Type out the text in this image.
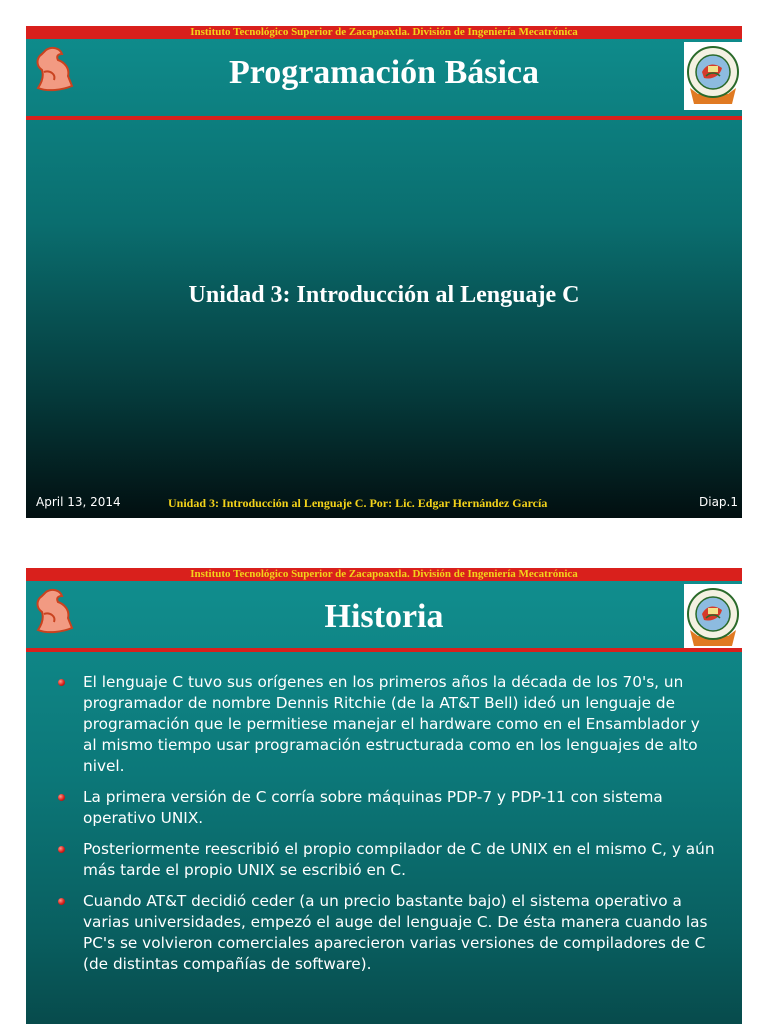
Instituto Tecnológico Superior de Zacapoaxtla. División de Ingeniería Mecatrónica
Programación Básica
Unidad 3: Introducción al Lenguaje C
April 13, 2014	Unidad 3: Introducción al Lenguaje C. Por: Lic. Edgar Hernández García	Diap.1
Instituto Tecnológico Superior de Zacapoaxtla. División de Ingeniería Mecatrónica
Historia
El lenguaje C tuvo sus orígenes en los primeros años la década de los 70's, un programador de nombre Dennis Ritchie (de la AT&T Bell) ideó un lenguaje de programación que le permitiese manejar el hardware como en el Ensamblador y al mismo tiempo usar programación estructurada como en los lenguajes de alto nivel.
La primera versión de C corría sobre máquinas PDP-7 y PDP-11 con sistema operativo UNIX.
Posteriormente reescribió el propio compilador de C de UNIX en el mismo C, y aún más tarde el propio UNIX se escribió en C.
Cuando AT&T decidió ceder (a un precio bastante bajo) el sistema operativo a varias universidades, empezó el auge del lenguaje C. De ésta manera cuando las PC's se volvieron comerciales aparecieron varias versiones de compiladores de C (de distintas compañías de software).
